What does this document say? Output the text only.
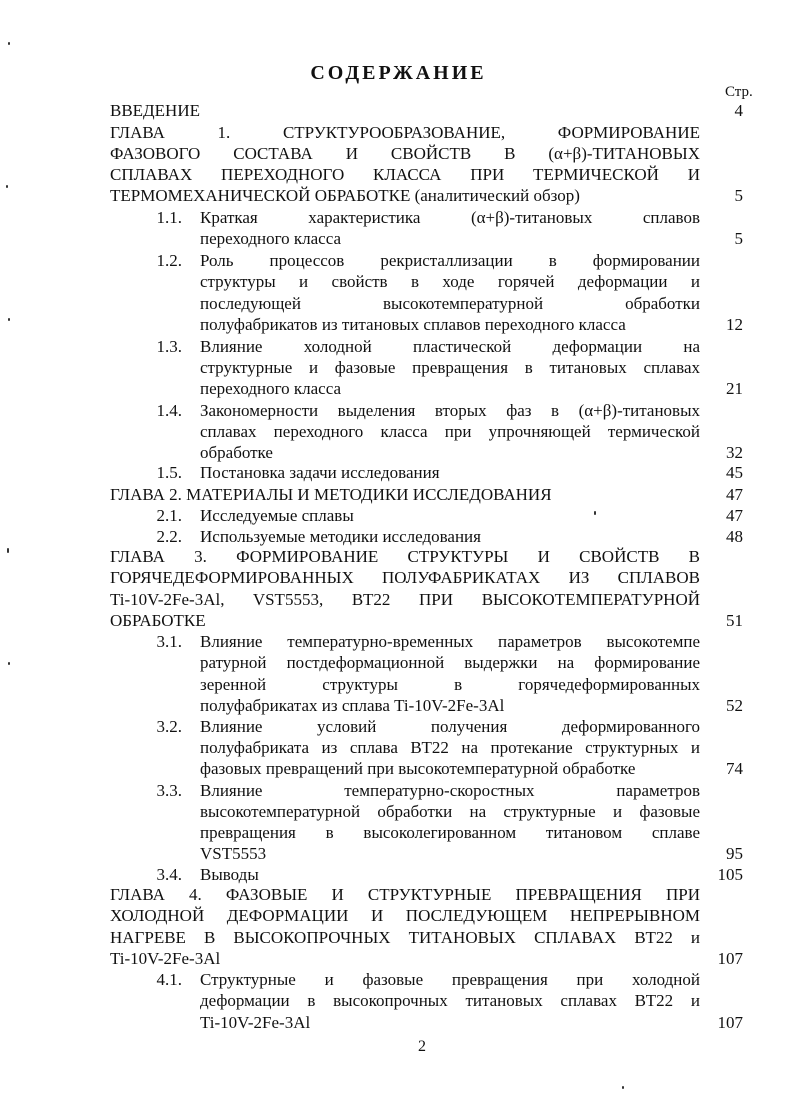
СОДЕРЖАНИЕ
Стр.
ВВЕДЕНИЕ	4
ГЛАВА 1. СТРУКТУРООБРАЗОВАНИЕ, ФОРМИРОВАНИЕ
ФАЗОВОГО СОСТАВА И СВОЙСТВ В (α+β)-ТИТАНОВЫХ
СПЛАВАХ ПЕРЕХОДНОГО КЛАССА ПРИ ТЕРМИЧЕСКОЙ И
ТЕРМОМЕХАНИЧЕСКОЙ ОБРАБОТКЕ (аналитический обзор)	5
1.1. Краткая характеристика (α+β)-титановых сплавов
переходного класса	5
1.2. Роль процессов рекристаллизации в формировании
структуры и свойств в ходе горячей деформации и
последующей высокотемпературной обработки
полуфабрикатов из титановых сплавов переходного класса	12
1.3. Влияние холодной пластической деформации на
структурные и фазовые превращения в титановых сплавах
переходного класса	21
1.4. Закономерности выделения вторых фаз в (α+β)-титановых
сплавах переходного класса при упрочняющей термической
обработке	32
1.5. Постановка задачи исследования	45
ГЛАВА 2. МАТЕРИАЛЫ И МЕТОДИКИ ИССЛЕДОВАНИЯ	47
2.1. Исследуемые сплавы	47
2.2. Используемые методики исследования	48
ГЛАВА 3. ФОРМИРОВАНИЕ СТРУКТУРЫ И СВОЙСТВ В
ГОРЯЧЕДЕФОРМИРОВАННЫХ ПОЛУФАБРИКАТАХ ИЗ СПЛАВОВ
Ti-10V-2Fe-3Al, VST5553, ВТ22 ПРИ ВЫСОКОТЕМПЕРАТУРНОЙ
ОБРАБОТКЕ	51
3.1. Влияние температурно-временных параметров высокотемпе
ратурной постдеформационной выдержки на формирование
зеренной структуры в горячедеформированных
полуфабрикатах из сплава Ti-10V-2Fe-3Al	52
3.2. Влияние условий получения деформированного
полуфабриката из сплава ВТ22 на протекание структурных и
фазовых превращений при высокотемпературной обработке	74
3.3. Влияние температурно-скоростных параметров
высокотемпературной обработки на структурные и фазовые
превращения в высоколегированном титановом сплаве
VST5553	95
3.4. Выводы	105
ГЛАВА 4. ФАЗОВЫЕ И СТРУКТУРНЫЕ ПРЕВРАЩЕНИЯ ПРИ
ХОЛОДНОЙ ДЕФОРМАЦИИ И ПОСЛЕДУЮЩЕМ НЕПРЕРЫВНОМ
НАГРЕВЕ В ВЫСОКОПРОЧНЫХ ТИТАНОВЫХ СПЛАВАХ ВТ22 и
Ti-10V-2Fe-3Al	107
4.1. Структурные и фазовые превращения при холодной
деформации в высокопрочных титановых сплавах ВТ22 и
Ti-10V-2Fe-3Al	107
2
